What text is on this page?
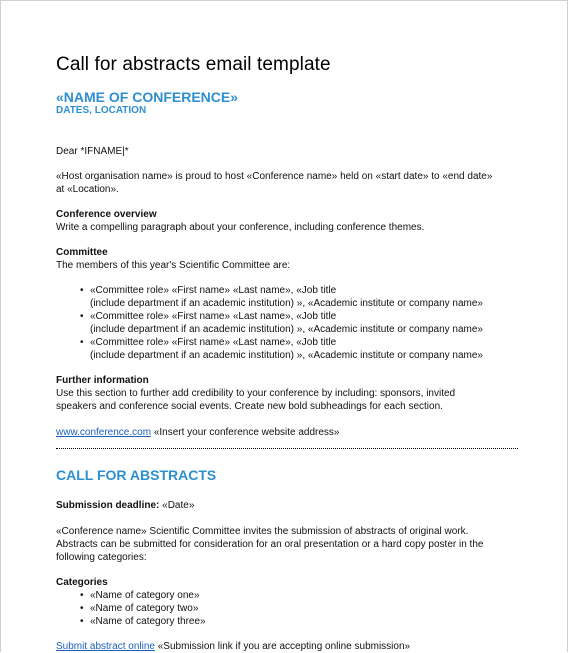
Call for abstracts email template
«NAME OF CONFERENCE»
DATES, LOCATION
Dear *IFNAME|*
«Host organisation name» is proud to host «Conference name» held on «start date» to «end date»
at «Location».
Conference overview
Write a compelling paragraph about your conference, including conference themes.
Committee
The members of this year's Scientific Committee are:
• «Committee role» «First name» «Last name», «Job title
(include department if an academic institution) », «Academic institute or company name»
• «Committee role» «First name» «Last name», «Job title
(include department if an academic institution) », «Academic institute or company name»
• «Committee role» «First name» «Last name», «Job title
(include department if an academic institution) », «Academic institute or company name»
Further information
Use this section to further add credibility to your conference by including: sponsors, invited
speakers and conference social events. Create new bold subheadings for each section.
www.conference.com «Insert your conference website address»
CALL FOR ABSTRACTS
Submission deadline: «Date»
«Conference name» Scientific Committee invites the submission of abstracts of original work.
Abstracts can be submitted for consideration for an oral presentation or a hard copy poster in the
following categories:
Categories
• «Name of category one»
• «Name of category two»
• «Name of category three»
Submit abstract online «Submission link if you are accepting online submission»
